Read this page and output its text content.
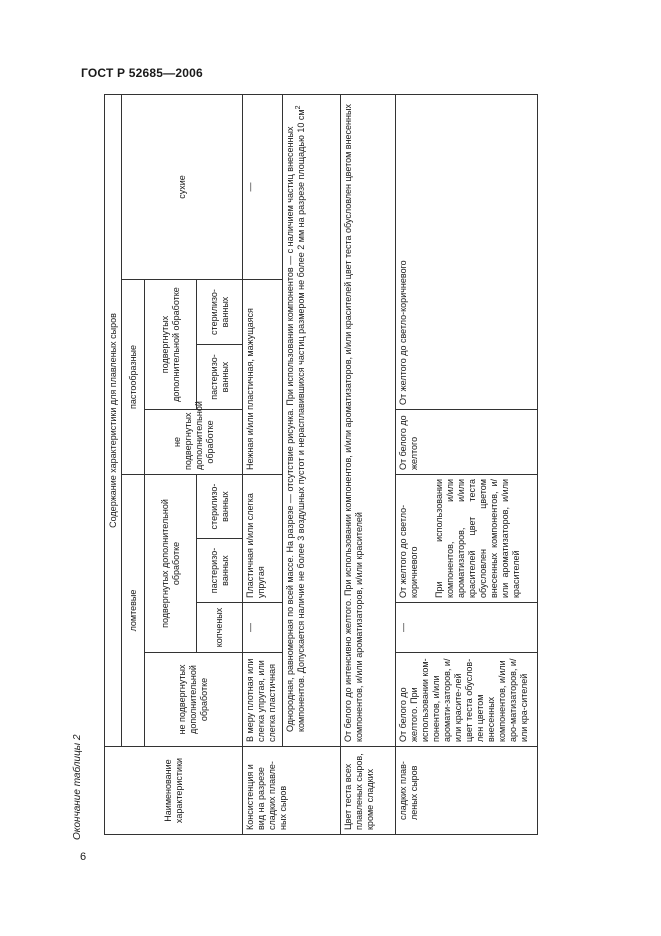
ГОСТ Р 52685—2006
Окончание таблицы 2	Наименование характеристики	Содержание характеристики для плавленых сыров							
	ломтевые				пастообразные			сухие
	не подвергнутых дополнительной обработке	подвергнутых дополнительной обработке			не подвергнутых дополнительной обработке	подвергнутых дополнительной обработке		
		копченых	пастеризо-ванных	стерилизо-ванных		пастеризо-ванных	стерилизо-ванных	
Консистенция и вид на разрезе сладких плавле-ных сыров	В меру плотная или слегка упругая, или слегка пластичная	—	Пластичная и/или слегка упругая		Нежная и/или пластичная, мажущаяся			—
	Однородная, равномерная по всей массе. На разрезе — отсутствие рисунка. При использовании компонентов — с наличием частиц внесенных компонентов. Допускается наличие не более 3 воздушных пустот и нерасплавившихся частиц размером не более 2 мм на разрезе площадью 10 $см^2$
Цвет теста всех плавленых сыров, кроме сладких	От белого до интенсивно желтого. При использовании компонентов, и/или ароматизаторов, и/или красителей цвет теста обусловлен цветом внесенных компонентов, и/или ароматизаторов, и/или красителей							
сладких плав-леных сыров	От белого до желтого. При использовании ком-понентов, и/или аромати-заторов, и/или красите-лей цвет теста обуслов-лен цветом внесенных компонентов, и/или аро-матизаторов, и/или кра-сителей	—	От желтого до светло-коричневого При использовании компонентов, и/или ароматизаторов, и/или красителей цвет теста обусловлен цветом внесенных компонентов, и/или ароматизаторов, и/или красителей		От белого до желтого	От желтого до светло-коричневого		
6
